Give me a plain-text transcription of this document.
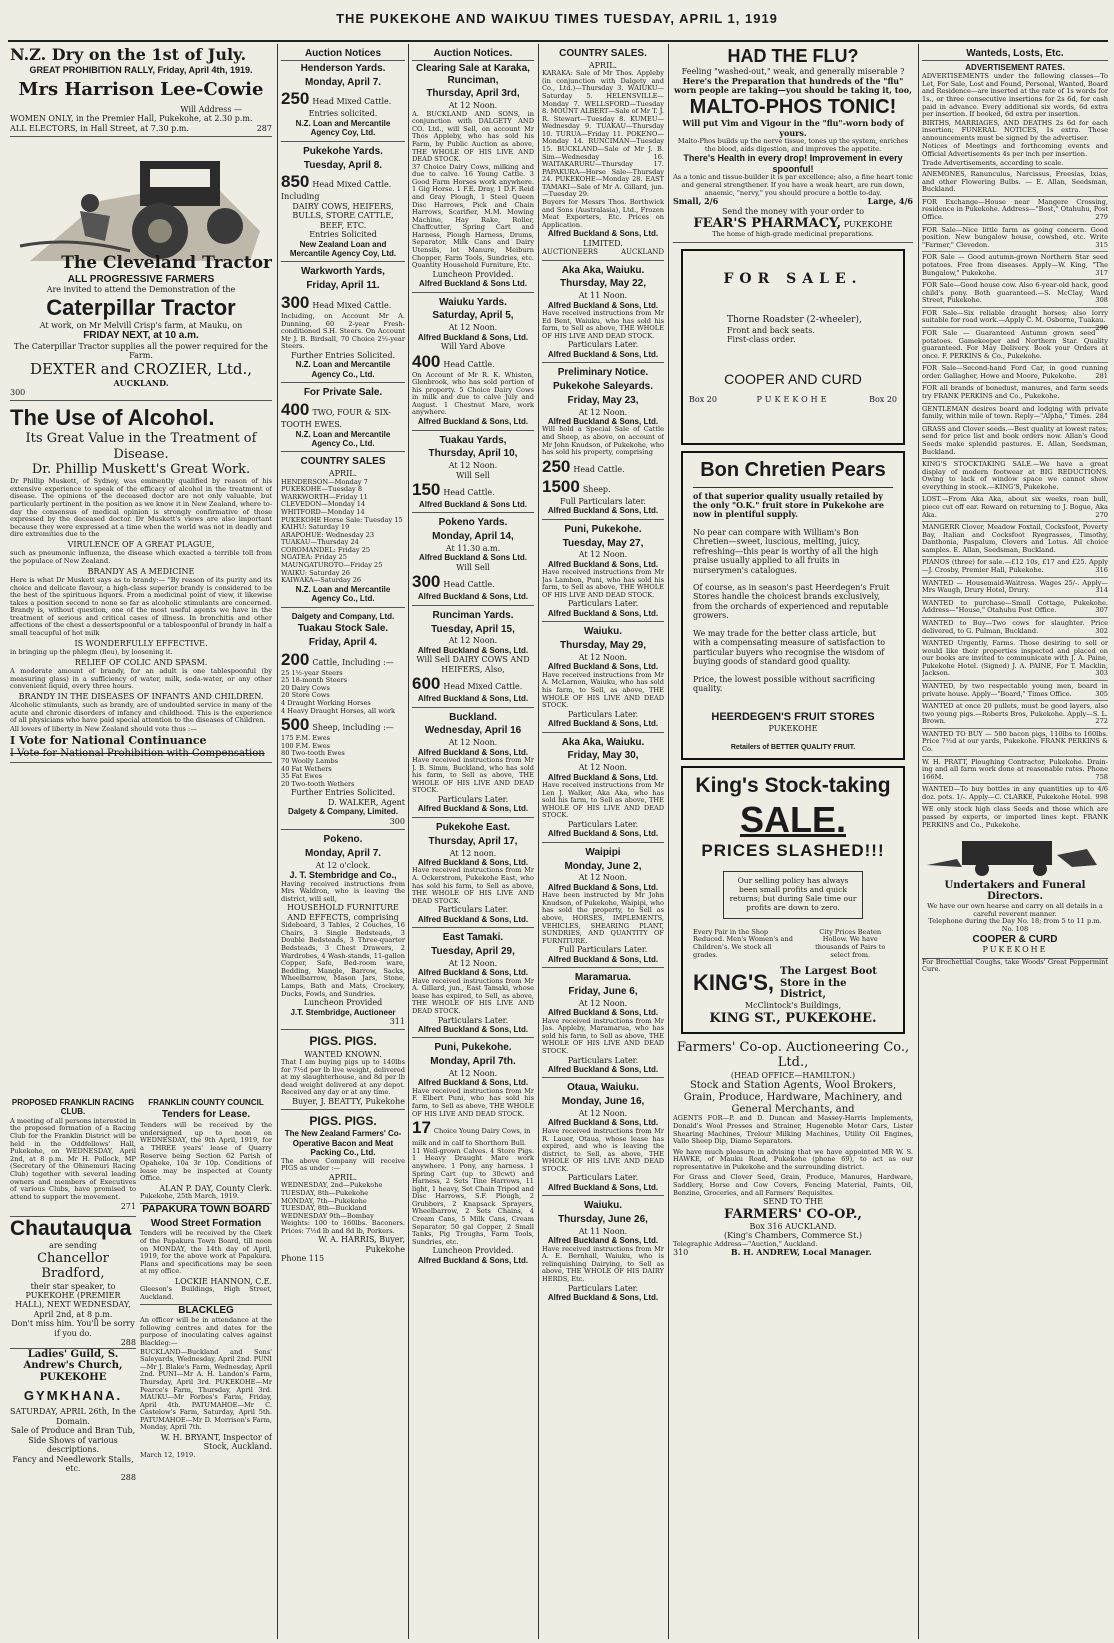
THE PUKEKOHE AND WAIKUU TIMES TUESDAY, APRIL 1, 1919
N.Z. Dry on the 1st of July.
GREAT PROHIBITION RALLY, Friday, April 4th, 1919.
Mrs Harrison Lee-Cowie
Will Address —
WOMEN ONLY, in the Premier Hall, Pukekohe, at 2.30 p.m.
ALL ELECTORS, in Hall Street, at 7.30 p.m.	287
The Cleveland Tractor
ALL PROGRESSIVE FARMERS
Are invited to attend the Demonstration of the
Caterpillar Tractor
At work, on Mr Melvill Crisp's farm, at Mauku, on
FRIDAY NEXT, at 10 a.m.
The Caterpillar Tractor supplies all the power required for the Farm.
DEXTER and CROZIER, Ltd.,
AUCKLAND.
300
The Use of Alcohol.
Its Great Value in the Treatment of Disease.
Dr. Phillip Muskett's Great Work.

Dr Phillip Muskett, of Sydney, was eminently qualified by reason of his extensive experience to speak of the efficacy of alcohol in the treatment of disease. The opinions of the deceased doctor are not only valuable, but particularly pertinent in the position as we know it in New Zealand, where to-day the consensus of medical opinion is strongly confirmative of those expressed by the deceased doctor. Dr Muskett's views are also important because they were expressed at a time when the world was not in deadly and dire extremities due to the

VIRULENCE OF A GREAT PLAGUE,

such as pneumonic influenza, the disease which exacted a terrible toll from the populace of New Zealand.

BRANDY AS A MEDICINE

Here is what Dr Muskett says as to brandy:— "By reason of its purity and its choice and delicate flavour, a high-class superior brandy is considered to be the best of the spirituous liquors. From a medicinal point of view, it likewise takes a position second to none so far as alcoholic stimulants are concerned. Brandy is, without question, one of the most useful agents we have in the treatment of serious and critical cases of illness. In bronchitis and other affections of the chest a dessertspoonful or a tablespoonful of brandy in half a small teacupful of hot milk

IS WONDERFULLY EFFECTIVE.

in bringing up the phlegm (fleu), by loosening it.

RELIEF OF COLIC AND SPASM.

A moderate amount of brandy, for an adult is one tablespoonful (by measuring glass) in a sufficiency of water, milk, soda-water, or any other convenient liquid, every three hours.

BRANDY IN THE DISEASES OF INFANTS AND CHILDREN.

Alcoholic stimulants, such as brandy, are of undoubted service in many of the acute and chronic disorders of infancy and childhood. This is the experience of all physicians who have paid special attention to the diseases of Children.

All lovers of liberty in New Zealand should vote thus :—

I Vote for National Continuance
I Vote for National Prohibition with Compensation
PROPOSED FRANKLIN RACING CLUB.

A meeting of all persons interested in the proposed formation of a Racing Club for the Franklin District will be held in the Oddfellows' Hall, Pukekohe, on WEDNESDAY, April 2nd, at 8 p.m. Mr H. Pollock, MP (Secretary of the Ohinemuri Racing Club) together with several leading owners and members of Executives of various Clubs, have promised to attend to support the movement.

271
Chautauqua
are sending
Chancellor Bradford,
their star speaker, to
PUKEKOHE (PREMIER HALL), NEXT WEDNESDAY, April 2nd, at 8 p.m.
Don't miss him. You'll be sorry if you do.
288
Ladies' Guild, S. Andrew's Church, PUKEKOHE
GYMKHANA.
SATURDAY, APRIL 26th, In the Domain.
Sale of Produce and Bran Tub, Side Shows of various descriptions.
Fancy and Needlework Stalls, etc.
288
FRANKLIN COUNTY COUNCIL
Tenders for Lease.

Tenders will be received by the undersigned up to noon on WEDNESDAY, the 9th April, 1919, for a THREE years' lease of Quarry Reserve being Section 62 Parish of Opaheke, 10a 3r 10p. Conditions of lease may be inspected at County Office.

ALAN P. DAY, County Clerk.
Pukekohe, 25th March, 1919.
PAPAKURA TOWN BOARD
Wood Street Formation

Tenders will be received by the Clerk of the Papakura Town Board, till noon on MONDAY, the 14th day of April, 1919, for the above work at Papakura. Plans and specifications may be seen at my office.

LOCKIE HANNON, C.E.
Gleeson's Buildings, High Street, Auckland.
BLACKLEG

An officer will be in attendance at the following centres and dates for the purpose of inoculating calves against Blackleg:—

BUCKLAND—Buckland and Sons' Saleyards, Wednesday, April 2nd. PUNI—Mr J. Blake's Farm, Wednesday, April 2nd. PUNI—Mr A. H. Landon's Farm, Thursday, April 3rd. PUKEKOHE—Mr Pearce's Farm, Thursday, April 3rd. MAUKU—Mr Forbes's Farm, Friday, April 4th. PATUMAHOE—Mr C. Castelow's Farm, Saturday, April 5th. PATUMAHOE—Mr D. Morrison's Farm, Monday, April 7th.

W. H. BRYANT, Inspector of Stock, Auckland.
March 12, 1919.
Auction Notices
Henderson Yards.
Monday, April 7.
250 Head Mixed Cattle.
Entries solicited.
N.Z. Loan and Mercantile Agency Coy, Ltd.
Pukekohe Yards.
Tuesday, April 8.
850 Head Mixed Cattle. Including
DAIRY COWS, HEIFERS, BULLS, STORE CATTLE, BEEF, ETC.
Entries Solicited
New Zealand Loan and Mercantile Agency Coy, Ltd.
Warkworth Yards,
Friday, April 11.
300 Head Mixed Cattle.
Including, on Account Mr A. Dunning, 60 2-year Fresh-conditioned S.H. Steers. On Account Mr J. B. Birdsall, 70 Choice 2½-year Steers.
Further Entries Solicited.
N.Z. Loan and Mercantile Agency Co., Ltd.
For Private Sale.
400 TWO, FOUR & SIX-TOOTH EWES.
N.Z. Loan and Mercantile Agency Co., Ltd.
COUNTRY SALES
APRIL.
HENDERSON—Monday 7
PUKEKOHE—Tuesday 8
WARKWORTH—Friday 11
CLEVEDON—Monday 14
WHITFORD—Monday 14
PUKEKOHE Horse Sale: Tuesday 15
KAIHU: Saturday 19
ARAPOHUE: Wednesday 23
TUAKAU—Thursday 24
COROMANDEL: Friday 25
NGATEA: Friday 25
MAUNGATUROTO—Friday 25
WAIKU: Saturday 26
KAIWAKA—Saturday 26
N.Z. Loan and Mercantile Agency Co., Ltd.
Dalgety and Company, Ltd.
Tuakau Stock Sale.
Friday, April 4.
200 Cattle, Including :—
25 1½-year Steers
25 18-month Steers
20 Dairy Cows
20 Store Cows
4 Draught Working Horses
4 Heavy Draught Horses, all work
500 Sheep, including :—
175 F.M. Ewes
100 F.M. Ewes
80 Two-tooth Ewes
70 Woolly Lambs
40 Fat Wethers
35 Fat Ewes
20 Two-tooth Wethers
Further Entries Solicited.
D. WALKER, Agent
Dalgety & Company, Limited.
300
Pokeno.
Monday, April 7.
At 12 o'clock.
J. T. Stembridge and Co.,
Having received instructions from Mrs Waldron, who is leaving the district, will sell,
HOUSEHOLD FURNITURE AND EFFECTS, comprising
Sideboard, 3 Tables, 2 Couches, 16 Chairs, 3 Single Bedsteads, 3 Double Bedsteads, 3 Three-quarter Bedsteads, 3 Chest Drawers, 2 Wardrobes, 4 Wash-stands, 11-gallon Copper, Safe, Bed-room ware, Bedding, Mangle, Barrow, Sacks, Wheelbarrow, Mason Jars, Stone, Lamps, Bath and Mats, Crockery, Ducks, Fowls, and Sundries.
Luncheon Provided
J.T. Stembridge, Auctioneer
311
PIGS. PIGS.
WANTED KNOWN.
That I am buying pigs up to 140lbs for 7½d per lb live weight, delivered at my slaughterhouse, and 8d per lb dead weight delivered at any depot. Received any day or at any time.
Buyer, J. BEATTY, Pukekohe
PIGS. PIGS.
The New Zealand Farmers' Co-Operative Bacon and Meat Packing Co., Ltd.
The above Company will receive PIGS as under :—
APRIL.
WEDNESDAY, 2nd—Pukekohe
TUESDAY, 8th—Pukekohe
MONDAY, 7th—Pukekohe
TUESDAY, 8th—Buckland
WEDNESDAY 9th—Bombay
Weights: 100 to 160lbs. Baconers. Prices: 7½d lb and 8d lb, Porkers.
W. A. HARRIS, Buyer, Pukekohe
Phone 115
Auction Notices.
Clearing Sale at Karaka, Runciman,
Thursday, April 3rd,
At 12 Noon.
A. BUCKLAND AND SONS, in conjunction with DALGETY AND CO. Ltd., will Sell, on account Mr Thos Appleby, who has sold his Farm, by Public Auction as above, THE WHOLE OF HIS LIVE AND DEAD STOCK.
37 Choice Dairy Cows, milking and due to calve. 16 Young Cattle. 3 Good Farm Horses work anywhere. 1 Gig Horse. 1 F.E. Dray, 1 D.F. Reid and Gray Plough, 1 Steel Queen Disc Harrows, Pick and Chain Harrows, Scarifier, M.M. Mowing Machine, Hay Rake, Roller, Chaffcutter, Spring Cart and Harness, Plough Harness, Drums, Separator, Milk Cans and Dairy Utensils, lot Manure, Meiburn Chopper, Farm Tools, Sundries, etc. Quantity Household Furniture, Etc.
Luncheon Provided.
Alfred Buckland & Sons Ltd.
Waiuku Yards.
Saturday, April 5,
At 12 Noon.
Alfred Buckland & Sons, Ltd.
Will Yard Above
400 Head Cattle.
On Account of Mr R. K. Whiston, Glenbrook, who has sold portion of his property. 5 Choice Dairy Cows in milk and due to calve July and August. 1 Chestnut Mare, work anywhere.
Alfred Buckland & Sons, Ltd.
Tuakau Yards,
Thursday, April 10,
At 12 Noon.
Will Sell
150 Head Cattle.
Alfred Buckland & Sons Ltd.
Pokeno Yards.
Monday, April 14,
At 11.30 a.m.
Alfred Buckland & Sons Ltd.
Will Sell
300 Head Cattle.
Alfred Buckland & Sons, Ltd.
Runciman Yards.
Tuesday, April 15,
At 12 Noon.
Alfred Buckland & Sons, Ltd.
Will Sell DAIRY COWS AND HEIFERS, Also,
600 Head Mixed Cattle.
Alfred Buckland & Sons, Ltd.
Buckland.
Wednesday, April 16
At 12 Noon.
Alfred Buckland & Sons, Ltd.
Have received instructions from Mr J. B. Simm, Buckland, who has sold his farm, to Sell as above, THE WHOLE OF HIS LIVE AND DEAD STOCK.
Particulars Later.
Alfred Buckland & Sons, Ltd.
Pukekohe East.
Thursday, April 17,
At 12 noon.
Alfred Buckland & Sons, Ltd.
Have received instructions from Mr A. Ockerstrom, Pukekohe East, who has sold his farm, to Sell as above, THE WHOLE OF HIS LIVE AND DEAD STOCK.
Particulars Later.
Alfred Buckland & Sons, Ltd.
East Tamaki.
Tuesday, April 29,
At 12 Noon.
Alfred Buckland & Sons, Ltd.
Have received instructions from Mr A. Gillard, jun., East Tamaki, whose lease has expired, to Sell, as above, THE WHOLE OF HIS LIVE AND DEAD STOCK.
Particulars Later.
Alfred Buckland & Sons, Ltd.
Puni, Pukekohe.
Monday, April 7th.
At 12 Noon.
Alfred Buckland & Sons, Ltd.
Have received instructions from Mr F. Elbert Puni, who has sold his farm, to Sell as above, THE WHOLE OF HIS LIVE AND DEAD STOCK.
17 Choice Young Dairy Cows, in milk and in calf to Shorthorn Bull.
11 Well-grown Calves. 4 Store Pigs. 1 Heavy Draught Mare work anywhere. 1 Pony, any harness. 1 Spring Cart (up to 30cwt) and Harness, 2 Sets Tine Harrows, 11 light, 1 heavy, Set Chain Tripod and Disc Harrows, S.F. Plough, 2 Grubbers, 2 Knapsack Sprayers, Wheelbarrow, 2 Sets Chains, 4 Cream Cans, 5 Milk Cans, Cream Separator, 50 gal Copper, 2 Small Tanks, Pig Troughs, Farm Tools, Sundries, etc.
Luncheon Provided.
Alfred Buckland & Sons, Ltd.
COUNTRY SALES.
APRIL.
KARAKA: Sale of Mr Thos. Appleby (in conjunction with Dalgety and Co., Ltd.)—Thursday 3. WAIUKU—Saturday 5. HELENSVILLE—Monday 7. WELLSFORD—Tuesday 8. MOUNT ALBERT—Sale of Mr T. J. R. Stewart—Tuesday 8. KUMEU—Wednesday 9. TUAKAU—Thursday 10. TURUA—Friday 11. POKENO—Monday 14. RUNCIMAN—Tuesday 15. BUCKLAND—Sale of Mr J. B. Sim—Wednesday 16. WAITAKARURU—Thursday 17. PAPAKURA—Horse Sale—Thursday 24. PUKEKOHE—Monday 28. EAST TAMAKI—Sale of Mr A. Gillard, jun.—Tuesday 29.
Buyers for Messrs Thos. Borthwick and Sons (Australasia), Ltd., Frozen Meat Exporters, Etc. Prices on Application.
Alfred Buckland & Sons, Ltd.
LIMITED.
AUCTIONEERS	AUCKLAND
Aka Aka, Waiuku.
Thursday, May 22,
At 11 Noon.
Alfred Buckland & Sons, Ltd.
Have received instructions from Mr Ed Bent, Waiuku, who has sold his farm, to Sell as above, THE WHOLE OF HIS LIVE AND DEAD STOCK.
Particulars Later.
Alfred Buckland & Sons, Ltd.
Preliminary Notice.
Pukekohe Saleyards.
Friday, May 23,
At 12 Noon.
Alfred Buckland & Sons, Ltd.
Will hold a Special Sale of Cattle and Sheep, as above, on account of Mr John Knudson, of Pukekohe, who has sold his property, comprising
250 Head Cattle.
1500 Sheep.
Full Particulars later.
Alfred Buckland & Sons, Ltd.
Puni, Pukekohe.
Tuesday, May 27,
At 12 Noon.
Alfred Buckland & Sons, Ltd.
Have received instructions from Mr Jas Lambon, Puni, who has sold his farm, to Sell as above, THE WHOLE OF HIS LIVE AND DEAD STOCK.
Particulars Later.
Alfred Buckland & Sons, Ltd.
Waiuku.
Thursday, May 29,
At 12 Noon.
Alfred Buckland & Sons, Ltd.
Have received instructions from Mr A. McLarnon, Waiuku, who has sold his farm, to Sell, as above, THE WHOLE OF HIS LIVE AND DEAD STOCK.
Particulars Later.
Alfred Buckland & Sons, Ltd.
Aka Aka, Waiuku.
Friday, May 30,
At 12 Noon.
Alfred Buckland & Sons, Ltd.
Have received instructions from Mr Len J. Walker, Aka Aka, who has sold his farm, to Sell as above, THE WHOLE OF HIS LIVE AND DEAD STOCK.
Particulars Later.
Alfred Buckland & Sons, Ltd.
Waipipi
Monday, June 2,
At 12 Noon.
Alfred Buckland & Sons, Ltd.
Have been instructed by Mr John Knudson, of Pukekohe, Waipipi, who has sold the property, to Sell as above, HORSES, IMPLEMENTS, VEHICLES, SHEARING PLANT, SUNDRIES, AND QUANTITY OF FURNITURE.
Full Particulars Later.
Alfred Buckland & Sons, Ltd.
Maramarua.
Friday, June 6,
At 12 Noon.
Alfred Buckland & Sons, Ltd.
Have received instructions from Mr Jas. Appleby, Maramarua, who has sold his farm, to Sell as above, THE WHOLE OF HIS LIVE AND DEAD STOCK.
Particulars Later.
Alfred Buckland & Sons, Ltd.
Otaua, Waiuku.
Monday, June 16,
At 12 Noon.
Alfred Buckland & Sons, Ltd.
Have received instructions from Mr R. Lauer, Otaua, whose lease has expired, and who is leaving the district, to Sell, as above, THE WHOLE OF HIS LIVE AND DEAD STOCK.
Particulars Later.
Alfred Buckland & Sons, Ltd.
Waiuku.
Thursday, June 26,
At 11 Noon.
Alfred Buckland & Sons, Ltd.
Have received instructions from Mr A. E. Bernhall, Waiuku, who is relinquishing Dairying, to Sell as above, THE WHOLE OF HIS DAIRY HERDS, Etc.
Particulars Later.
Alfred Buckland & Sons, Ltd.
HAD THE FLU?
Feeling "washed-out," weak, and generally miserable ?
Here's the Preparation that hundreds of the "flu" worn people are taking—you should be taking it, too,
MALTO-PHOS TONIC!
Will put Vim and Vigour in the "flu"-worn body of yours.
Malto-Phos builds up the nerve tissue, tones up the system, enriches the blood, aids digestion, and improves the appetite.
There's Health in every drop! Improvement in every spoonful!
As a tonic and tissue-builder it is par excellence; also, a fine heart tonic and general strengthener. If you have a weak heart, are run down, anaemic, "nervy," you should procure a bottle to-day.
Small, 2/6	Large, 4/6
Send the money with your order to
FEAR'S PHARMACY, PUKEKOHE
The home of high-grade medicinal preparations.
FOR SALE.
Thorne Roadster (2-wheeler),
Front and back seats.
First-class order.
COOPER AND CURD
Box 20	PUKEKOHE	Box 20
Bon Chretien Pears

of that superior quality usually retailed by the only "O.K." fruit store in Pukekohe are now in plentiful supply.

No pear can compare with William's Bon Chretien—sweet, luscious, melting, juicy, refreshing—this pear is worthy of all the high praise usually applied to all fruits in nurserymen's catalogues.

Of course, as in season's past Heerdegen's Fruit Stores handle the choicest brands exclusively, from the orchards of experienced and reputable growers.

We may trade for the better class article, but with a compensating measure of satisfaction to particular buyers who recognise the wisdom of buying goods of standard good quality.

Price, the lowest possible without sacrificing quality.

HEERDEGEN'S FRUIT STORES
PUKEKOHE
Retailers of BETTER QUALITY FRUIT.
King's Stock-taking
SALE.
PRICES SLASHED!!!
Our selling policy has always been small profits and quick returns; but during Sale time our profits are down to zero.
Every Pair in the Shop Reduced. Men's Women's and Children's. We stock all grades.
City Prices Beaten Hollow. We have thousands of Pairs to select from.
KING'S, The Largest Boot Store in the District,
McClintock's Buildings,
KING ST., PUKEKOHE.
Farmers' Co-op. Auctioneering Co., Ltd.,
(HEAD OFFICE—HAMILTON.)
Stock and Station Agents, Wool Brokers, Grain, Produce, Hardware, Machinery, and General Merchants, and
AGENTS FOR—P. and D. Duncan and Massey-Harris Implements, Donald's Wool Presses and Strainer, Hugenoble Motor Cars, Lister Shearing Machines, Trelour Milking Machines, Utility Oil Engines, Vallo Sheep Dip, Diamo Separators.
We have much pleasure in advising that we have appointed MR W. S. HAWKE, of Mauku Road, Pukekohe (phone 69), to act as our representative in Pukekohe and the surrounding district.
For Grass and Clover Seed, Grain, Produce, Manures, Hardware, Saddlery, Horse and Cow Covers, Fencing Material, Paints, Oil, Benzine, Groceries, and all Farmers' Requisites.
SEND TO THE
FARMERS' CO-OP.,
Box 316 AUCKLAND.
(King's Chambers, Commerce St.)
Telegraphic Address—"Auction," Auckland.
310	B. H. ANDREW, Local Manager.
Wanteds, Losts, Etc.
ADVERTISEMENT RATES.

ADVERTISEMENTS under the following classes—To Let, For Sale, Lost and Found, Personal, Wanted, Board and Residence—are inserted at the rate of 1s words for 1s., or three consecutive insertions for 2s 6d, for cash paid in advance. Every additional six words, 6d extra per insertion. If booked, 6d extra per insertion.

BIRTHS, MARRIAGES, AND DEATHS 2s 6d for each insertion; FUNERAL NOTICES, 1s extra. These announcements must be signed by the advertiser.

Notices of Meetings and forthcoming events and Official Advertisements 4s per inch per insertion.

Trade Advertisements, according to scale.

ANEMONES, Ranunculus, Narcissus, Freesias, Ixias, and other Flowering Bulbs. — E. Allan, Seedsman, Buckland.
FOR Exchange—House near Mangere Crossing, residence in Pukekohe. Address—"Bost," Otahuhu, Post Office.	279
FOR Sale—Nice little farm as going concern. Good position. New bungalow house, cowshed, etc. Write "Farmer," Clevedon.	315
FOR Sale — Good autumn-grown Northern Star seed potatoes. Free from diseases. Apply—W. King, "The Bungalow," Pukekohe.	317
FOR Sale—Good house cow. Also 6-year-old hack, good child's pony. Both guaranteed.—S. McClay, Ward Street, Pukekohe.	308
FOR Sale—Six reliable draught horses; also lorry suitable for road work.—Apply C. M. Osborne, Tuakau.
290
FOR Sale — Guaranteed Autumn grown seed potatoes. Gamekeeper and Northern Star. Quality guaranteed. For May Delivery. Book your Orders at once. F. PERKINS & Co., Pukekohe.
FOR Sale—Second-hand Ford Car, in good running order. Gallagher, Howe and Moore, Pukekohe.	281
FOR all brands of bonedust, manures, and farm seeds try FRANK PERKINS and Co., Pukekohe.
GENTLEMAN desires board and lodging with private family, within mile of town. Reply—"Alpha," Times. 284
GRASS and Clover seeds.—Best quality at lowest rates; send for price list and book orders now. Allan's Good Seeds make splendid pastures. E. Allan, Seedsman, Buckland.
KING'S STOCKTAKING SALE.—We have a great display of modern footwear at BIG REDUCTIONS. Owing to lack of window space we cannot show everything in stock.—KING'S, Pukekohe.
LOST.—From Aka Aka, about six weeks, roan bull, piece cut off ear. Reward on returning to J. Bogue, Aka Aka.	270
MANGERR Clover, Meadow Foxtail, Cocksfoot, Poverty Bay, Italian and Cocksfoot Ryegrasses, Timothy, Danthonia, Paspalum, Clovers and Lotus. All choice samples. E. Allan, Seedsman, Buckland.
PIANOS (three) for sale.—£12 10s, £17 and £25. Apply—J. Crosby, Premier Hall, Pukekohe.	316
WANTED — Housemaid-Waitress. Wages 25/-. Apply—Mrs Waugh, Drury Hotel, Drury.	314
WANTED to purchase—Small Cottage, Pukekohe. Address—"House," Otahuhu Post Office.	307
WANTED to Buy—Two cows for slaughter. Price delivered, to G. Pulman, Buckland.	302
WANTED Urgently, Farms. Those desiring to sell or would like their properties inspected and placed on our books are invited to communicate with J. A. Paine, Pukekohe Hotel. (Signed) J. A. PAINE, For T. Macklin, Jackson.	303
WANTED, by two respectable young men, board in private house. Apply—"Board," Times Office.	305
WANTED at once 20 pullets, must be good layers, also two young pigs.—Roberts Bros, Pukekohe. Apply—S. L. Brown.	272
WANTED TO BUY — 500 bacon pigs, 110lbs to 160lbs. Price 7½d at our yards, Pukekohe. FRANK PERKINS & Co.
W. H. PRATT, Ploughing Contractor, Pukekohe. Drain-ing and all farm work done at reasonable rates. Phone 166M.	758
WANTED—To buy bottles in any quantities up to 4/6 doz. pots. 1/-. Apply—C. CLARKE, Pukekohe Hotel. 998
WE only stock high class Seeds and those which are passed by experts, or imported lines kept. FRANK PERKINS and Co., Pukekohe.
Undertakers and Funeral Directors.
We have our own hearse and carry on all details in a careful reverent manner.
Telephone during the Day No. 18; from 5 to 11 p.m. No. 108
COOPER & CURD
PUKEKOHE
For Brochettial Coughs, take Woods' Great Peppermint Cure.
